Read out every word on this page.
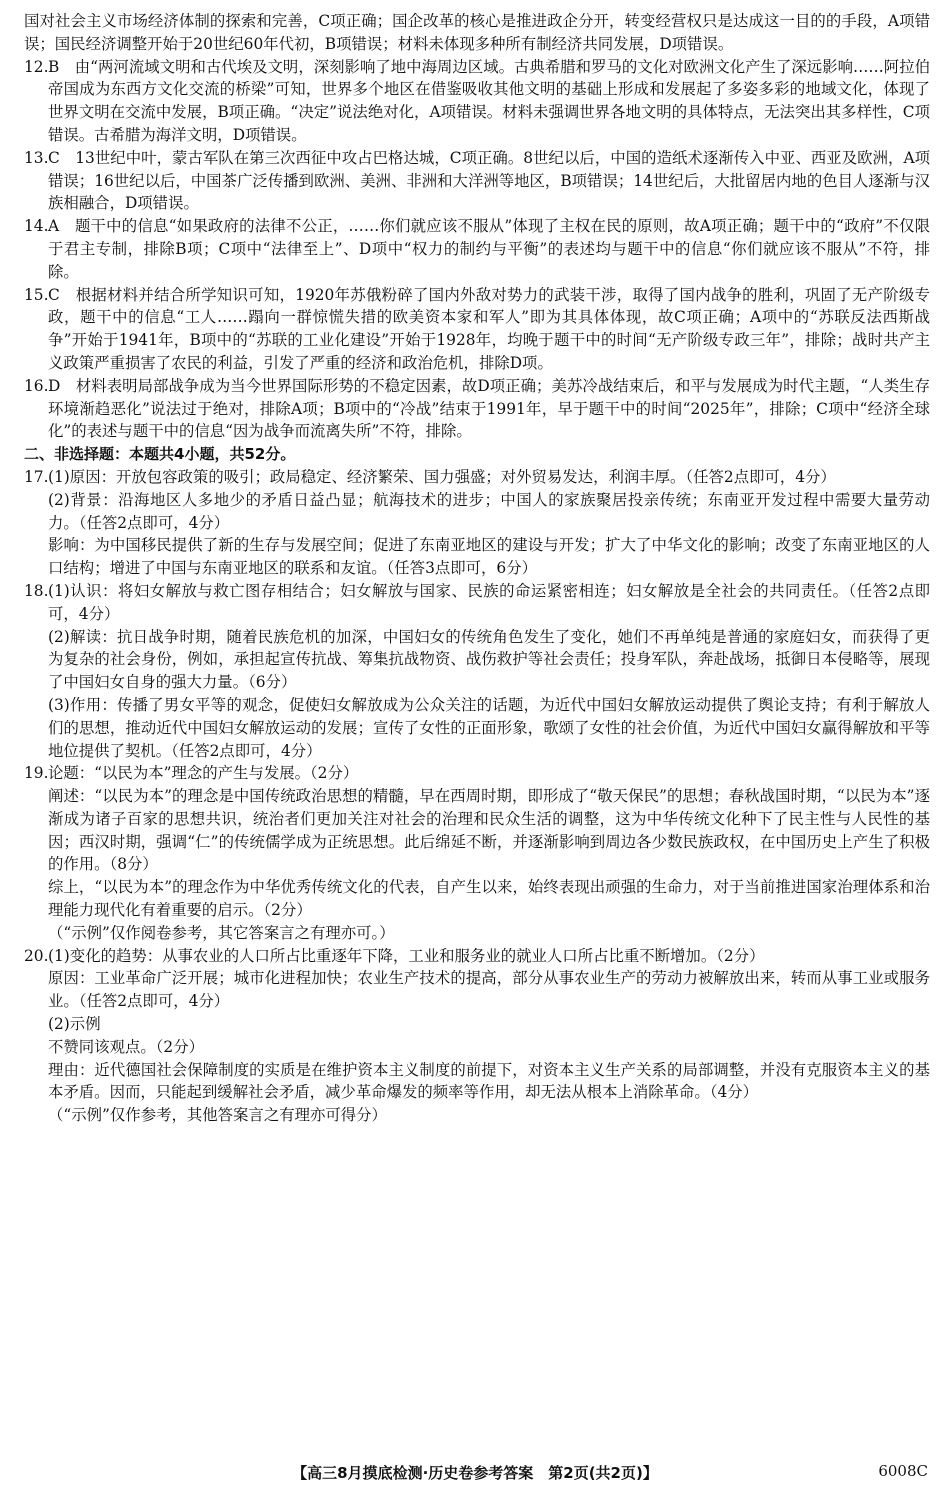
国对社会主义市场经济体制的探索和完善，C项正确；国企改革的核心是推进政企分开，转变经营权只是达成这一目的的手段，A项错误；国民经济调整开始于20世纪60年代初，B项错误；材料未体现多种所有制经济共同发展，D项错误。

12. B　由“两河流域文明和古代埃及文明，深刻影响了地中海周边区域。古典希腊和罗马的文化对欧洲文化产生了深远影响……阿拉伯帝国成为东西方文化交流的桥梁”可知，世界多个地区在借鉴吸收其他文明的基础上形成和发展起了多姿多彩的地域文化，体现了世界文明在交流中发展，B项正确。“决定”说法绝对化，A项错误。材料未强调世界各地文明的具体特点，无法突出其多样性，C项错误。古希腊为海洋文明，D项错误。

13. C　13世纪中叶，蒙古军队在第三次西征中攻占巴格达城，C项正确。8世纪以后，中国的造纸术逐渐传入中亚、西亚及欧洲，A项错误；16世纪以后，中国茶广泛传播到欧洲、美洲、非洲和大洋洲等地区，B项错误；14世纪后，大批留居内地的色目人逐渐与汉族相融合，D项错误。

14. A　题干中的信息“如果政府的法律不公正，……你们就应该不服从”体现了主权在民的原则，故A项正确；题干中的“政府”不仅限于君主专制，排除B项；C项中“法律至上”、D项中“权力的制约与平衡”的表述均与题干中的信息“你们就应该不服从”不符，排除。

15. C　根据材料并结合所学知识可知，1920年苏俄粉碎了国内外敌对势力的武装干涉，取得了国内战争的胜利，巩固了无产阶级专政，题干中的信息“工人……蹋向一群惊慌失措的欧美资本家和军人”即为其具体体现，故C项正确；A项中的“苏联反法西斯战争”开始于1941年，B项中的“苏联的工业化建设”开始于1928年，均晚于题干中的时间“无产阶级专政三年”，排除；战时共产主义政策严重损害了农民的利益，引发了严重的经济和政治危机，排除D项。

16. D　材料表明局部战争成为当今世界国际形势的不稳定因素，故D项正确；美苏冷战结束后，和平与发展成为时代主题，“人类生存环境渐趋恶化”说法过于绝对，排除A项；B项中的“冷战”结束于1991年，早于题干中的时间“2025年”，排除；C项中“经济全球化”的表述与题干中的信息“因为战争而流离失所”不符，排除。

二、非选择题：本题共4小题，共52分。

17. (1)原因：开放包容政策的吸引；政局稳定、经济繁荣、国力强盛；对外贸易发达，利润丰厚。（任答2点即可，4分）

(2)背景：沿海地区人多地少的矛盾日益凸显；航海技术的进步；中国人的家族聚居投亲传统；东南亚开发过程中需要大量劳动力。（任答2点即可，4分）

影响：为中国移民提供了新的生存与发展空间；促进了东南亚地区的建设与开发；扩大了中华文化的影响；改变了东南亚地区的人口结构；增进了中国与东南亚地区的联系和友谊。（任答3点即可，6分）

18. (1)认识：将妇女解放与救亡图存相结合；妇女解放与国家、民族的命运紧密相连；妇女解放是全社会的共同责任。（任答2点即可，4分）

(2)解读：抗日战争时期，随着民族危机的加深，中国妇女的传统角色发生了变化，她们不再单纯是普通的家庭妇女，而获得了更为复杂的社会身份，例如，承担起宣传抗战、筹集抗战物资、战伤救护等社会责任；投身军队，奔赴战场，抵御日本侵略等，展现了中国妇女自身的强大力量。（6分）

(3)作用：传播了男女平等的观念，促使妇女解放成为公众关注的话题，为近代中国妇女解放运动提供了舆论支持；有利于解放人们的思想，推动近代中国妇女解放运动的发展；宣传了女性的正面形象，歌颂了女性的社会价值，为近代中国妇女赢得解放和平等地位提供了契机。（任答2点即可，4分）

19. 论题：“以民为本”理念的产生与发展。（2分）

阐述：“以民为本”的理念是中国传统政治思想的精髓，早在西周时期，即形成了“敬天保民”的思想；春秋战国时期，“以民为本”逐渐成为诸子百家的思想共识，统治者们更加关注对社会的治理和民众生活的调整，这为中华传统文化种下了民主性与人民性的基因；西汉时期，强调“仁”的传统儒学成为正统思想。此后绵延不断，并逐渐影响到周边各少数民族政权，在中国历史上产生了积极的作用。（8分）

综上，“以民为本”的理念作为中华优秀传统文化的代表，自产生以来，始终表现出顽强的生命力，对于当前推进国家治理体系和治理能力现代化有着重要的启示。（2分）

（“示例”仅作阅卷参考，其它答案言之有理亦可。）

20. (1)变化的趋势：从事农业的人口所占比重逐年下降，工业和服务业的就业人口所占比重不断增加。（2分）

原因：工业革命广泛开展；城市化进程加快；农业生产技术的提高，部分从事农业生产的劳动力被解放出来，转而从事工业或服务业。（任答2点即可，4分）

(2)示例

不赞同该观点。（2分）

理由：近代德国社会保障制度的实质是在维护资本主义制度的前提下，对资本主义生产关系的局部调整，并没有克服资本主义的基本矛盾。因而，只能起到缓解社会矛盾，减少革命爆发的频率等作用，却无法从根本上消除革命。（4分）

（“示例”仅作参考，其他答案言之有理亦可得分）

【高三8月摸底检测·历史卷参考答案　第2页(共2页)】	6008C
